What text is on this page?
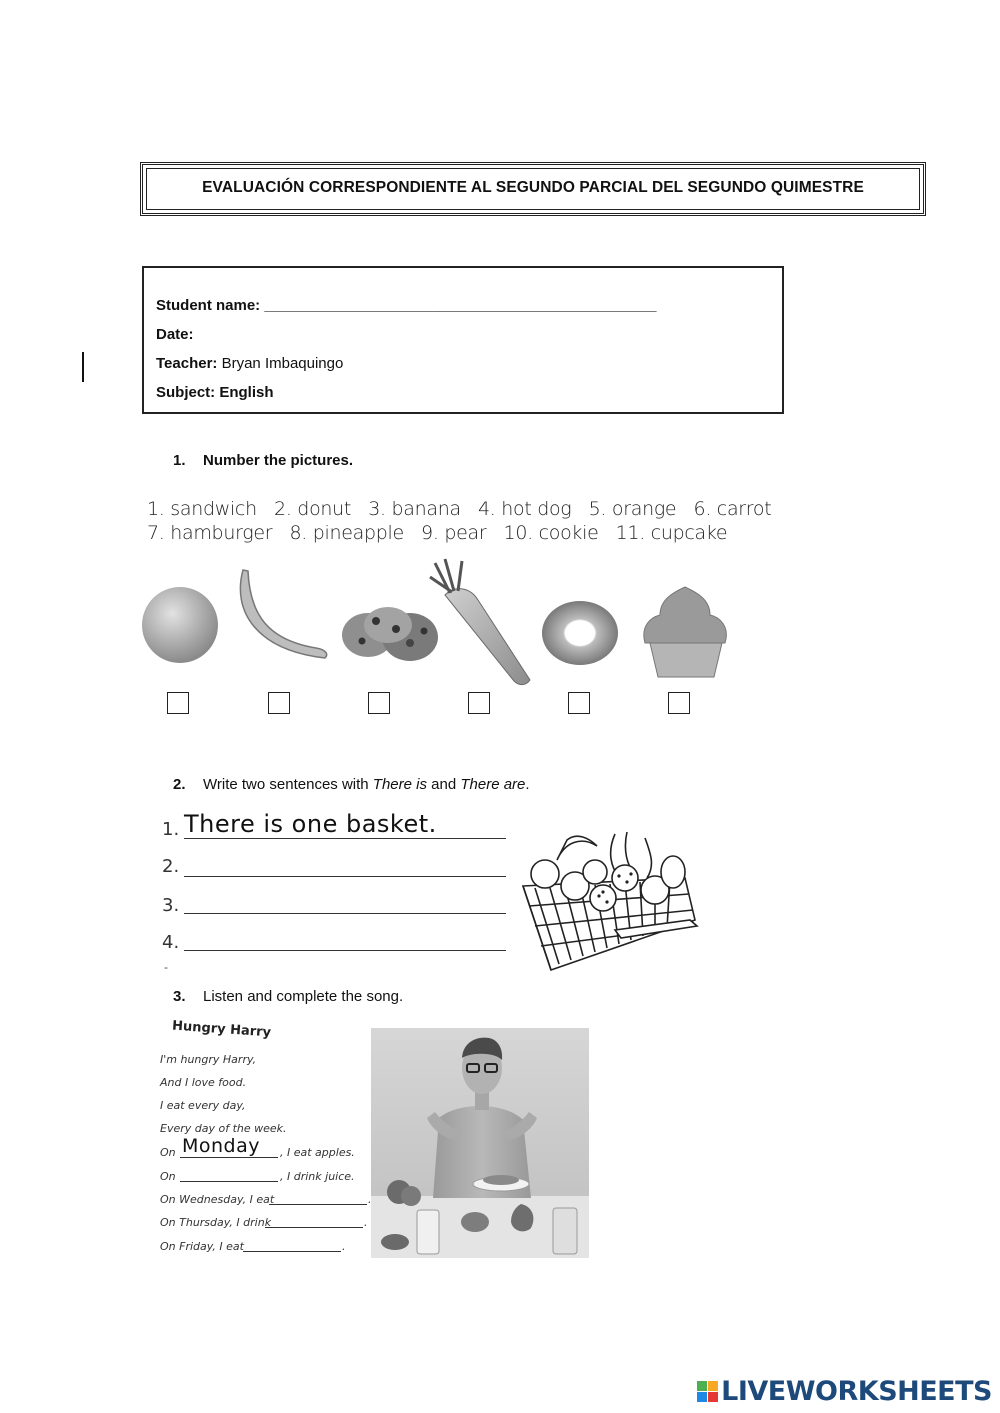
EVALUACIÓN CORRESPONDIENTE AL SEGUNDO PARCIAL DEL SEGUNDO QUIMESTRE
Student name: _______________________________________________
Date:
Teacher: Bryan Imbaquingo
Subject: English
1. Number the pictures.
1. sandwich   2. donut   3. banana   4. hot dog   5. orange   6. carrot
7. hamburger   8. pineapple   9. pear   10. cookie   11. cupcake
2. Write two sentences with There is and There are.
1. There is one basket.
2.
3.
4.
-
3. Listen and complete the song.
Hungry Harry
I'm hungry Harry,
And I love food.
I eat every day,
Every day of the week.
On Monday , I eat apples.
On	, I drink juice.
On Wednesday, I eat	.
On Thursday, I drink	.
On Friday, I eat	.
LIVEWORKSHEETS
